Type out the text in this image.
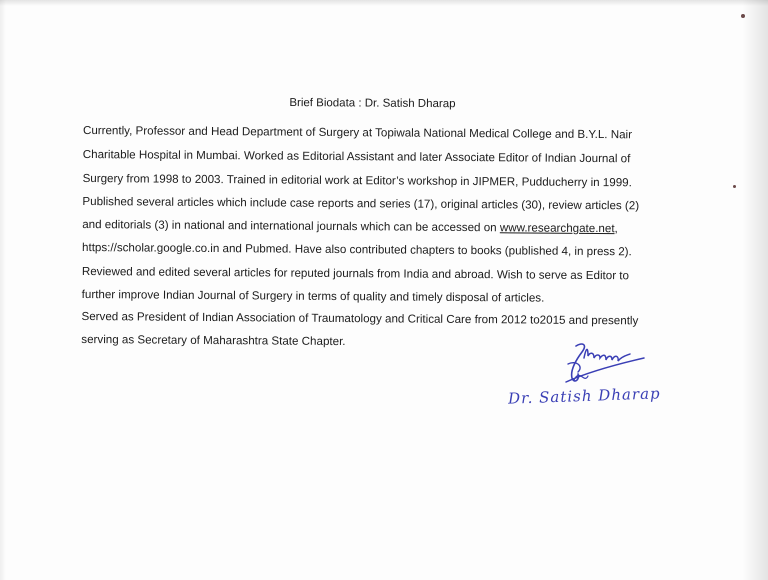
Brief Biodata : Dr. Satish Dharap
Currently, Professor and Head Department of Surgery at Topiwala National Medical College and B.Y.L. Nair
Charitable Hospital in Mumbai. Worked as Editorial Assistant and later Associate Editor of Indian Journal of
Surgery from 1998 to 2003. Trained in editorial work at Editor’s workshop in JIPMER, Pudducherry in 1999.
Published several articles which include case reports and series (17), original articles (30), review articles (2)
and editorials (3) in national and international journals which can be accessed on www.researchgate.net,
https://scholar.google.co.in and Pubmed. Have also contributed chapters to books (published 4, in press 2).
Reviewed and edited several articles for reputed journals from India and abroad. Wish to serve as Editor to
further improve Indian Journal of Surgery in terms of quality and timely disposal of articles.
Served as President of Indian Association of Traumatology and Critical Care from 2012 to2015 and presently
serving as Secretary of Maharashtra State Chapter.
Dr. Satish Dharap
